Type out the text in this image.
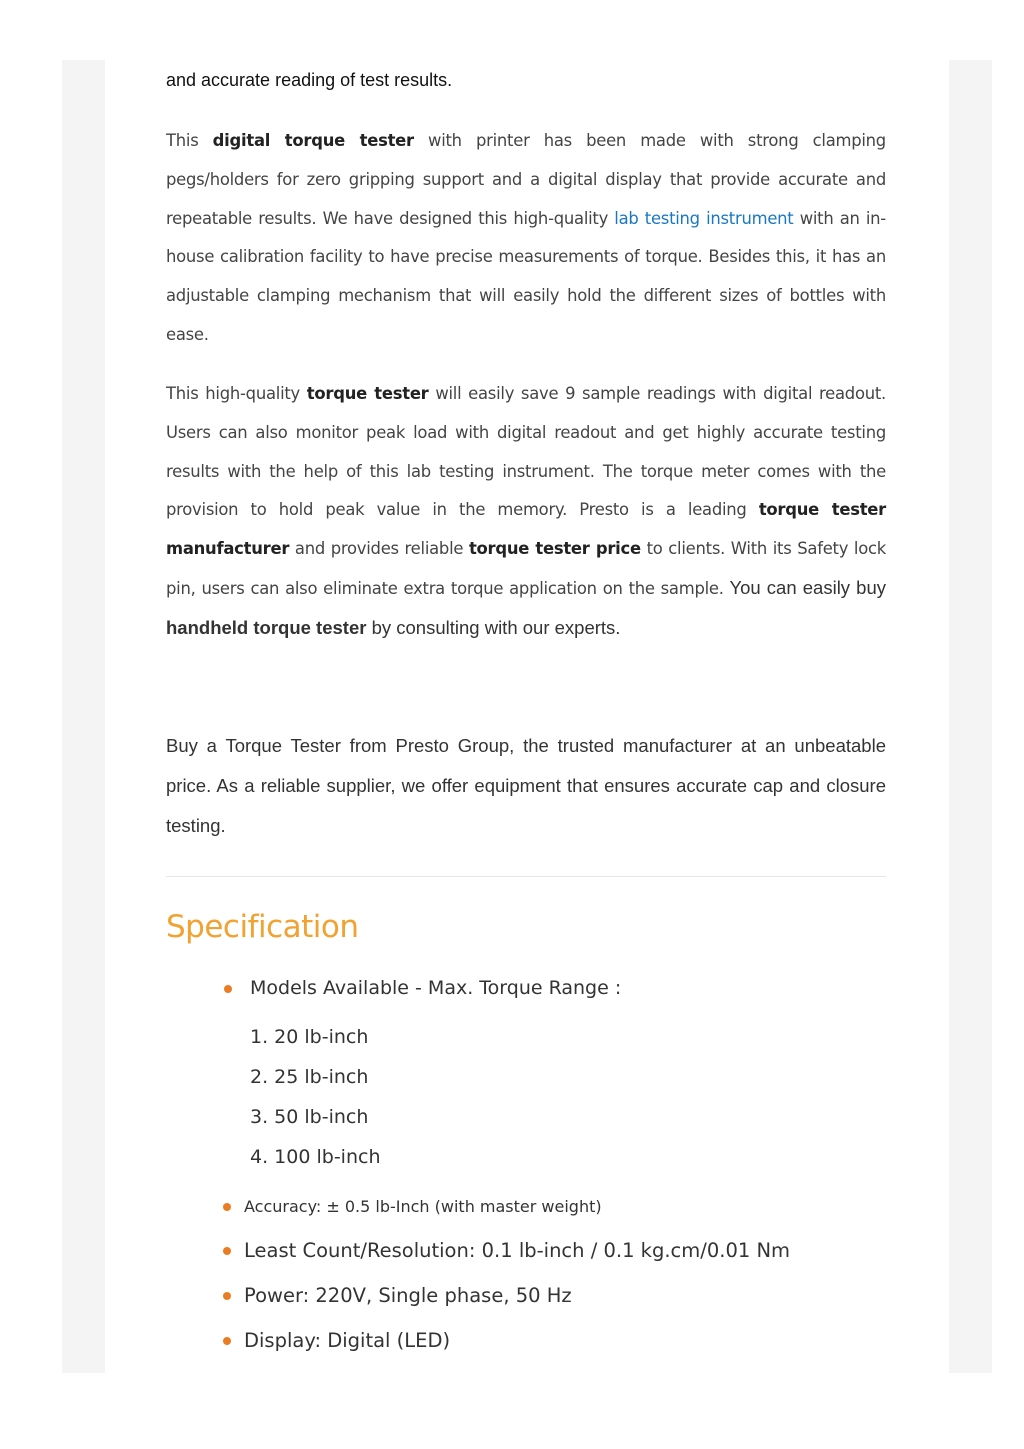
and accurate reading of test results.

This digital torque tester with printer has been made with strong clamping pegs/holders for zero gripping support and a digital display that provide accurate and repeatable results. We have designed this high-quality lab testing instrument with an in-house calibration facility to have precise measurements of torque. Besides this, it has an adjustable clamping mechanism that will easily hold the different sizes of bottles with ease.

This high-quality torque tester will easily save 9 sample readings with digital readout. Users can also monitor peak load with digital readout and get highly accurate testing results with the help of this lab testing instrument. The torque meter comes with the provision to hold peak value in the memory. Presto is a leading torque tester manufacturer and provides reliable torque tester price to clients. With its Safety lock pin, users can also eliminate extra torque application on the sample. You can easily buy handheld torque tester by consulting with our experts.

Buy a Torque Tester from Presto Group, the trusted manufacturer at an unbeatable price. As a reliable supplier, we offer equipment that ensures accurate cap and closure testing.

Specification
Models Available - Max. Torque Range :
1. 20 lb-inch
2. 25 lb-inch
3. 50 lb-inch
4. 100 lb-inch
Accuracy: ± 0.5 lb-Inch (with master weight)
Least Count/Resolution: 0.1 lb-inch / 0.1 kg.cm/0.01 Nm
Power: 220V, Single phase, 50 Hz
Display: Digital (LED)
